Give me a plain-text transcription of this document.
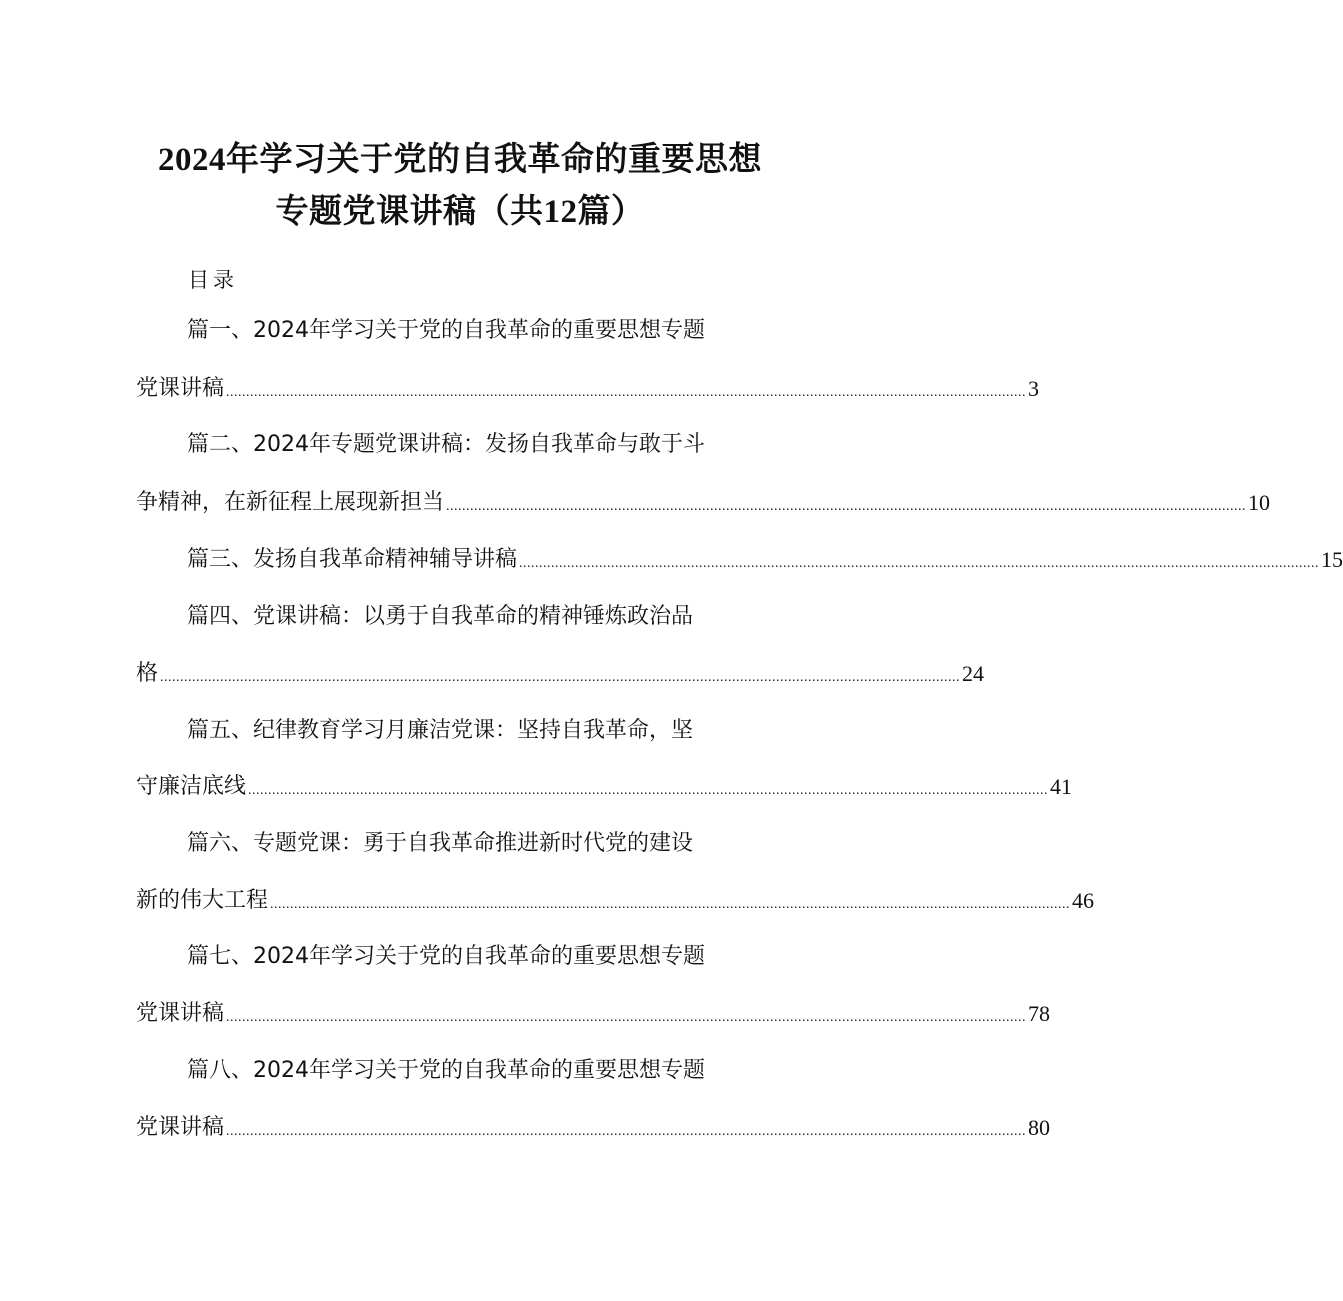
2024年学习关于党的自我革命的重要思想
专题党课讲稿（共12篇）
目录
篇一、2024年学习关于党的自我革命的重要思想专题
党课讲稿 ........................................................................................................................................................................................................ 3
篇二、2024年专题党课讲稿：发扬自我革命与敢于斗
争精神，在新征程上展现新担当 ........................................................................................................................................................................................................ 10
篇三、发扬自我革命精神辅导讲稿 ........................................................................................................................................................................................................ 15
篇四、党课讲稿：以勇于自我革命的精神锤炼政治品
格 ........................................................................................................................................................................................................ 24
篇五、纪律教育学习月廉洁党课：坚持自我革命，坚
守廉洁底线 ........................................................................................................................................................................................................ 41
篇六、专题党课：勇于自我革命推进新时代党的建设
新的伟大工程 ........................................................................................................................................................................................................ 46
篇七、2024年学习关于党的自我革命的重要思想专题
党课讲稿 ........................................................................................................................................................................................................ 78
篇八、2024年学习关于党的自我革命的重要思想专题
党课讲稿 ........................................................................................................................................................................................................ 80
